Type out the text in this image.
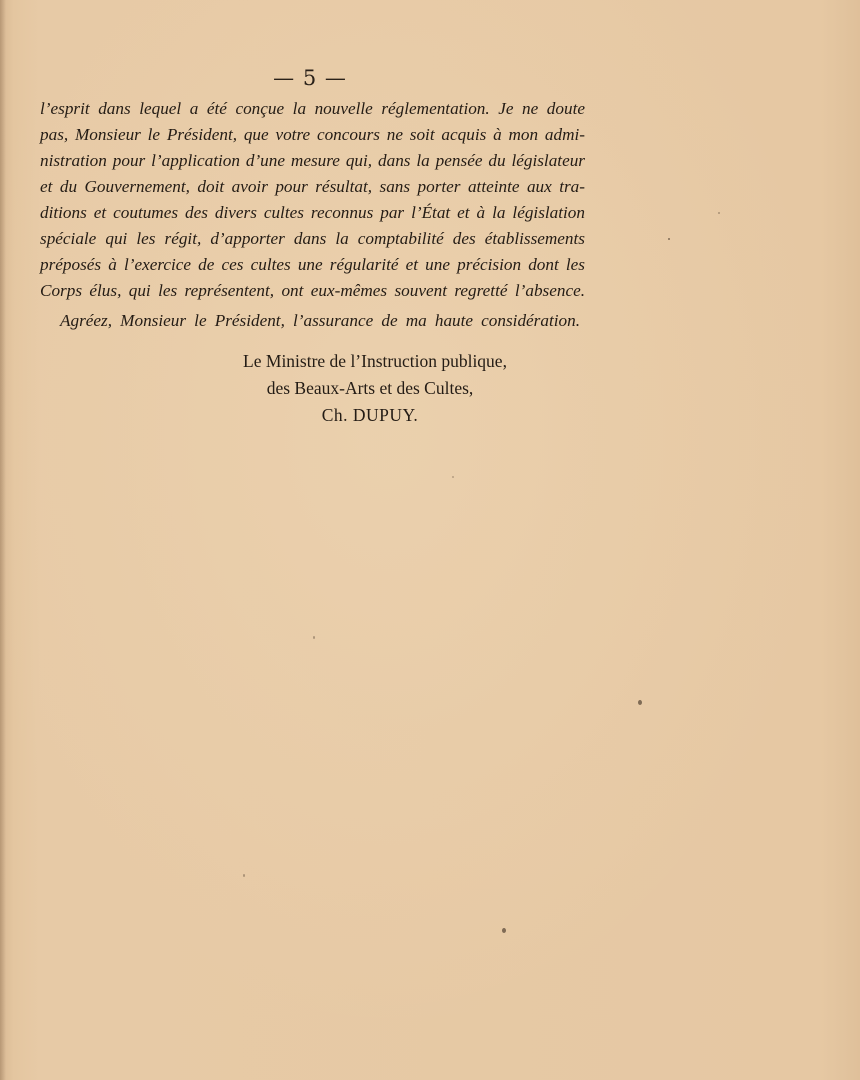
— 5 —
l’esprit dans lequel a été conçue la nouvelle réglementation. Je ne doute
pas, Monsieur le Président, que votre concours ne soit acquis à mon admi-
nistration pour l’application d’une mesure qui, dans la pensée du législateur
et du Gouvernement, doit avoir pour résultat, sans porter atteinte aux tra-
ditions et coutumes des divers cultes reconnus par l’État et à la législation
spéciale qui les régit, d’apporter dans la comptabilité des établissements
préposés à l’exercice de ces cultes une régularité et une précision dont les
Corps élus, qui les représentent, ont eux-mêmes souvent regretté l’absence.
Agréez, Monsieur le Président, l’assurance de ma haute considération.
Le Ministre de l’Instruction publique,
des Beaux-Arts et des Cultes,
Ch. DUPUY.
